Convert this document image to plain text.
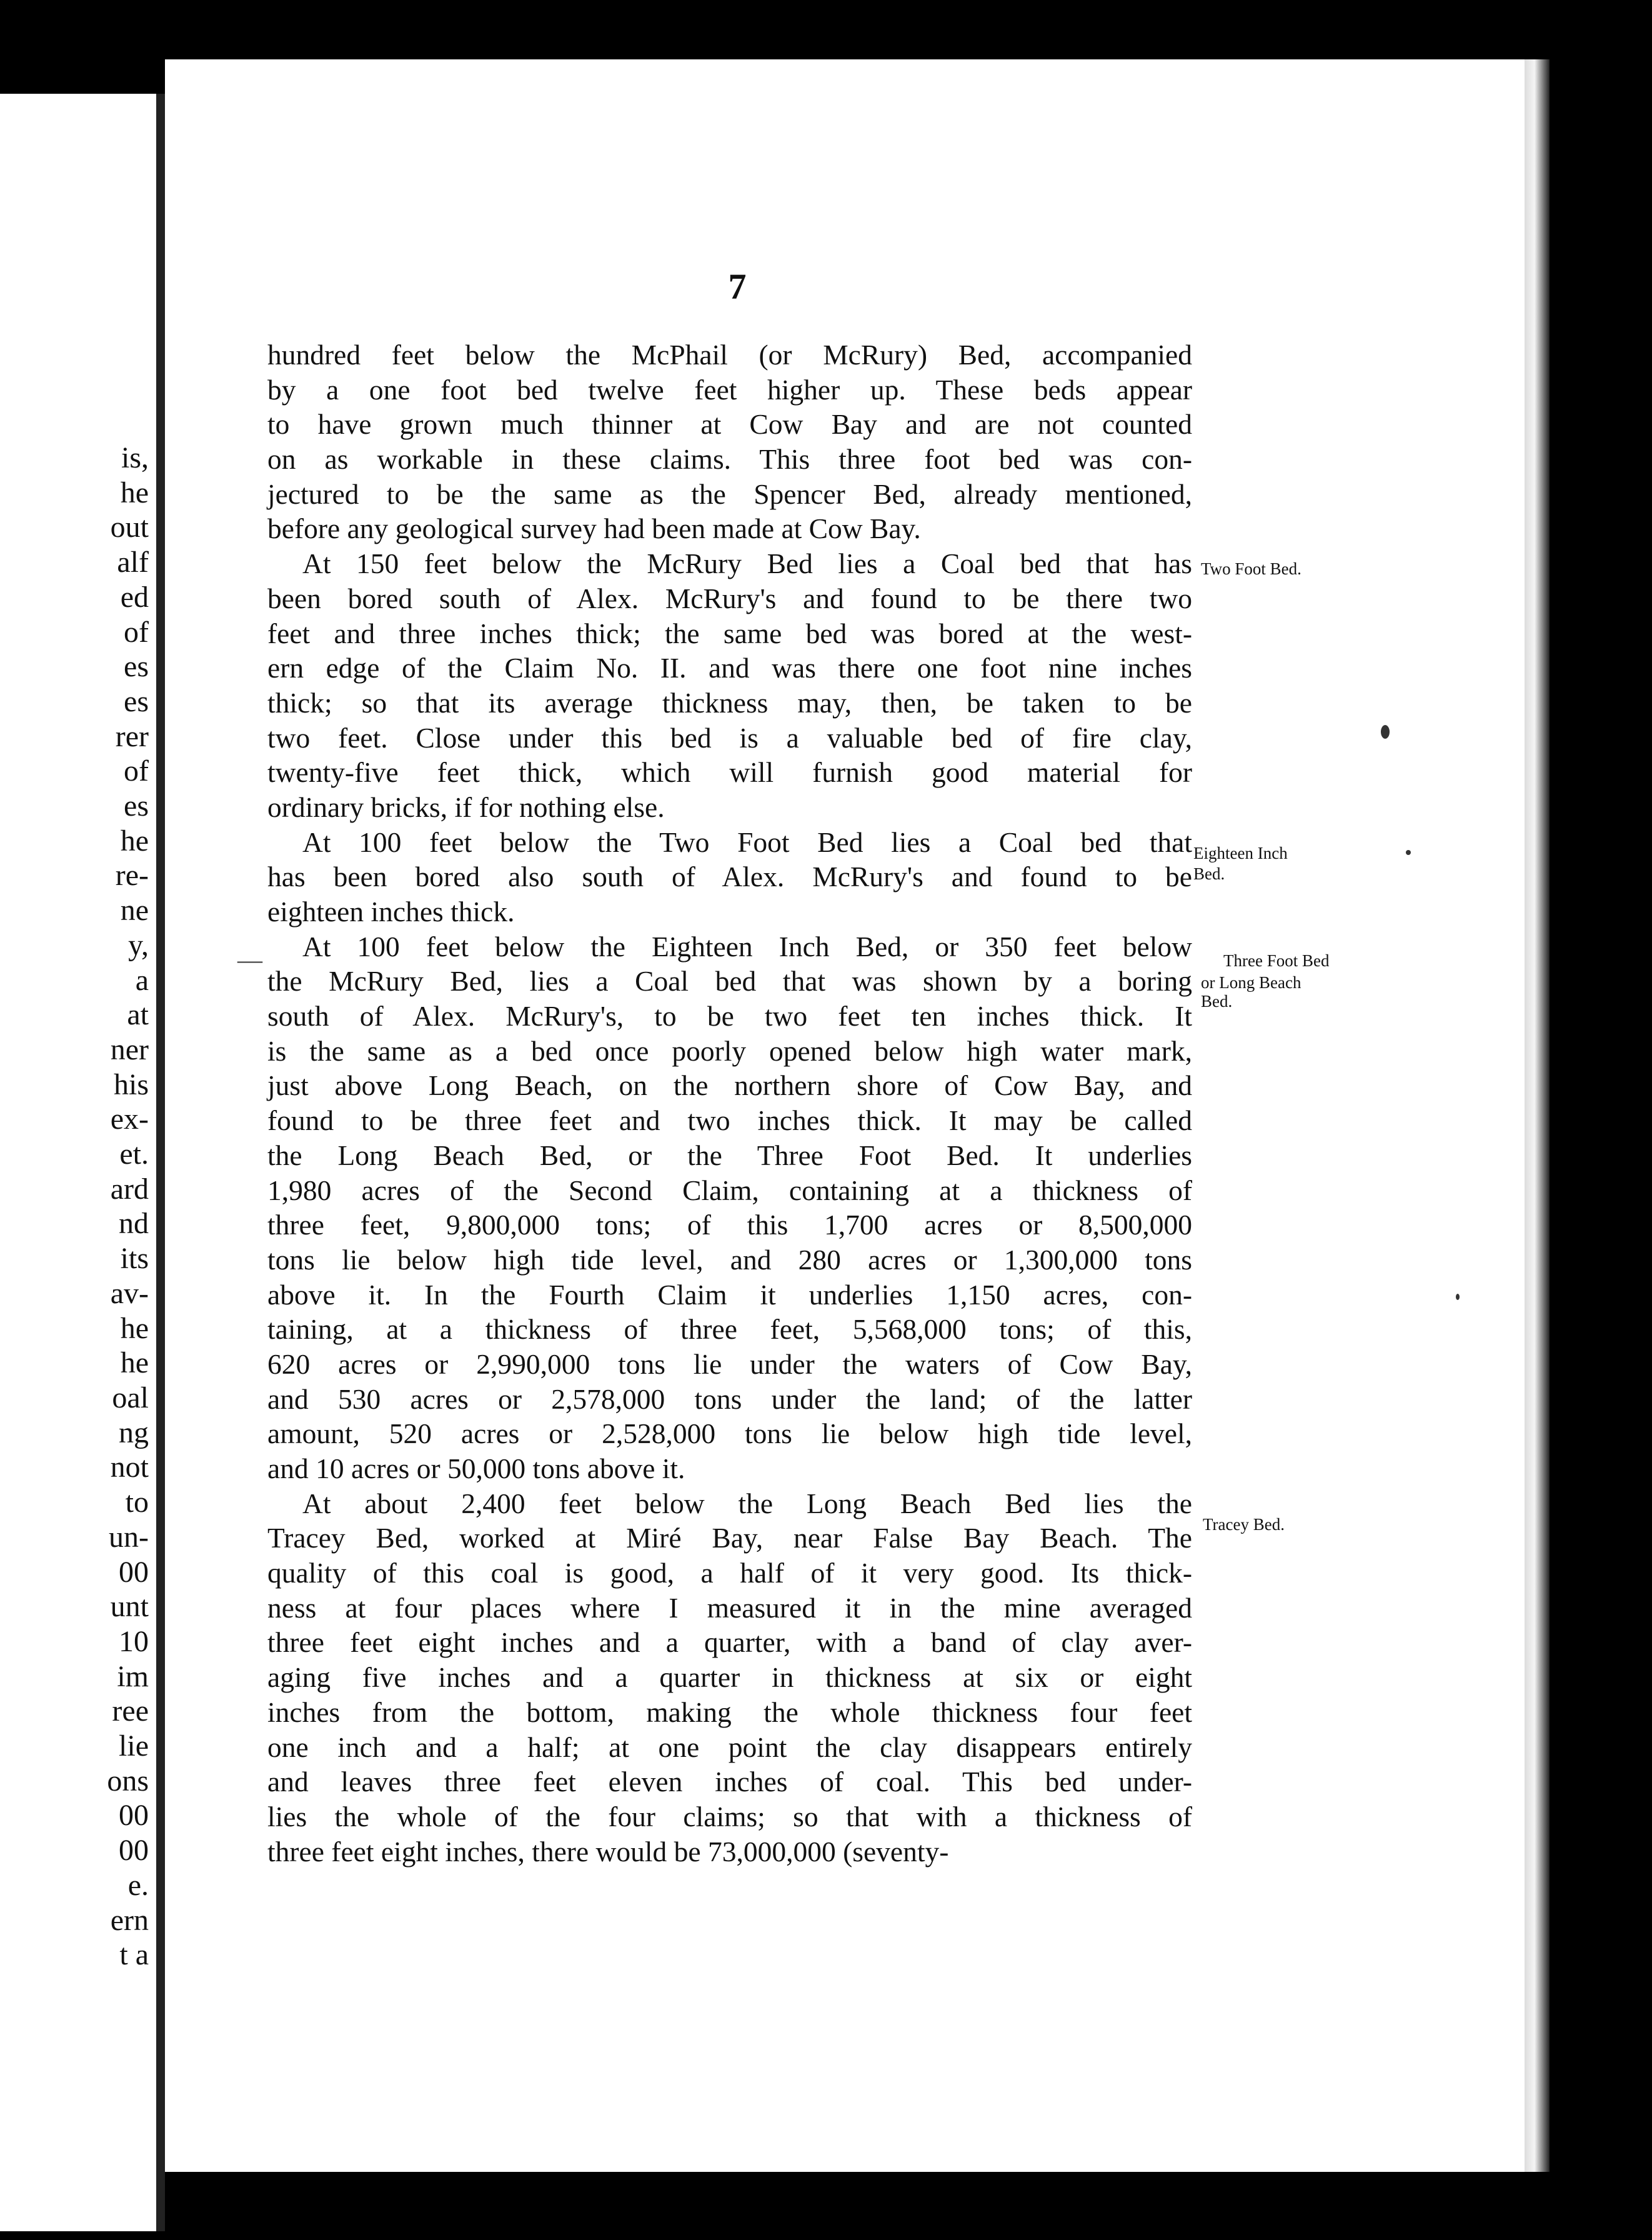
is,
he
out
alf
ed
of
es
es
rer
of
es
he
re-
ne
y,
a
at
ner
his
ex-
et.
ard
nd
its
av-
he
he
oal
ng
not
to
un-
00
unt
10
im
ree
lie
ons
00
00
e.
ern
t a
7
hundred feet below the McPhail (or McRury) Bed, accompanied
by a one foot bed twelve feet higher up. These beds appear
to have grown much thinner at Cow Bay and are not counted
on as workable in these claims. This three foot bed was con-
jectured to be the same as the Spencer Bed, already mentioned,
before any geological survey had been made at Cow Bay.
At 150 feet below the McRury Bed lies a Coal bed that has
been bored south of Alex. McRury's and found to be there two
feet and three inches thick; the same bed was bored at the west-
ern edge of the Claim No. II. and was there one foot nine inches
thick; so that its average thickness may, then, be taken to be
two feet. Close under this bed is a valuable bed of fire clay,
twenty-five feet thick, which will furnish good material for
ordinary bricks, if for nothing else.
At 100 feet below the Two Foot Bed lies a Coal bed that
has been bored also south of Alex. McRury's and found to be
eighteen inches thick.
At 100 feet below the Eighteen Inch Bed, or 350 feet below
the McRury Bed, lies a Coal bed that was shown by a boring
south of Alex. McRury's, to be two feet ten inches thick. It
is the same as a bed once poorly opened below high water mark,
just above Long Beach, on the northern shore of Cow Bay, and
found to be three feet and two inches thick. It may be called
the Long Beach Bed, or the Three Foot Bed. It underlies
1,980 acres of the Second Claim, containing at a thickness of
three feet, 9,800,000 tons; of this 1,700 acres or 8,500,000
tons lie below high tide level, and 280 acres or 1,300,000 tons
above it. In the Fourth Claim it underlies 1,150 acres, con-
taining, at a thickness of three feet, 5,568,000 tons; of this,
620 acres or 2,990,000 tons lie under the waters of Cow Bay,
and 530 acres or 2,578,000 tons under the land; of the latter
amount, 520 acres or 2,528,000 tons lie below high tide level,
and 10 acres or 50,000 tons above it.
At about 2,400 feet below the Long Beach Bed lies the
Tracey Bed, worked at Miré Bay, near False Bay Beach. The
quality of this coal is good, a half of it very good. Its thick-
ness at four places where I measured it in the mine averaged
three feet eight inches and a quarter, with a band of clay aver-
aging five inches and a quarter in thickness at six or eight
inches from the bottom, making the whole thickness four feet
one inch and a half; at one point the clay disappears entirely
and leaves three feet eleven inches of coal. This bed under-
lies the whole of the four claims; so that with a thickness of
three feet eight inches, there would be 73,000,000 (seventy-
Two Foot Bed.
Eighteen Inch
Bed.
Three Foot Bed
or Long Beach
Bed.
Tracey Bed.
—
